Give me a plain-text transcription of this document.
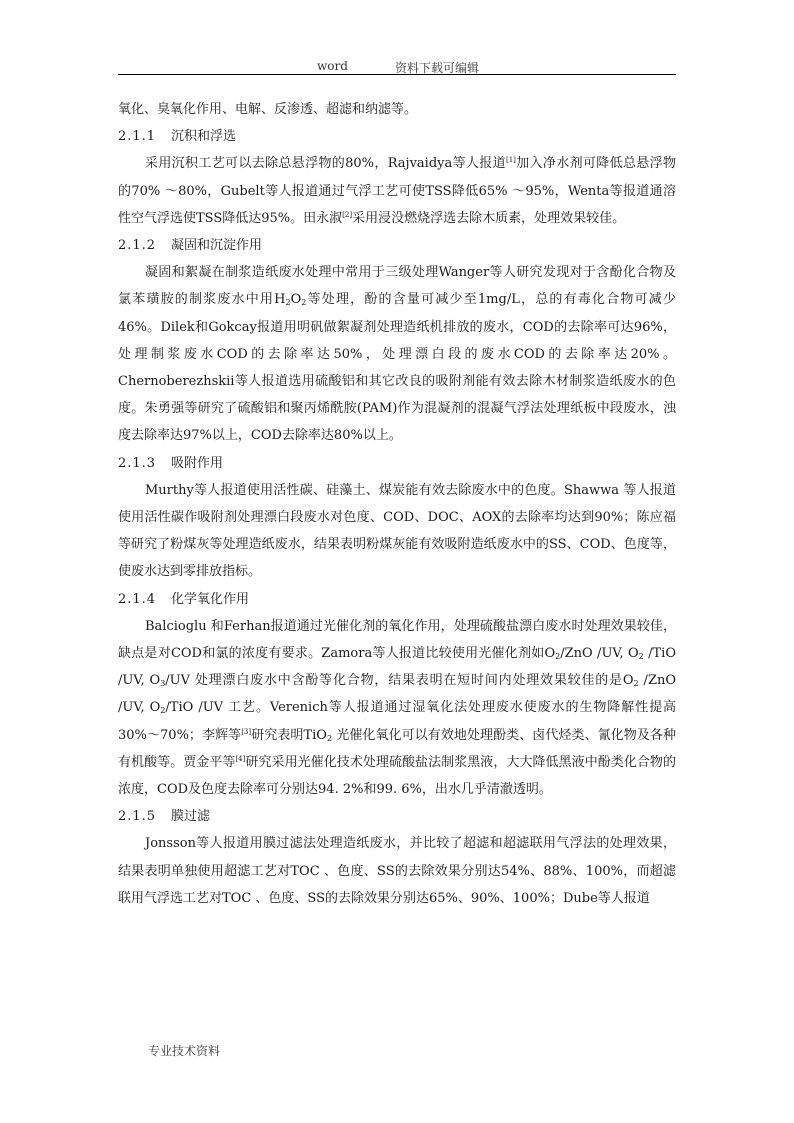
word	资料下载可编辑

氧化、臭氧化作用、电解、反渗透、超滤和纳滤等。

2.1.1 沉积和浮选

采用沉积工艺可以去除总悬浮物的80%，Rajvaidya等人报道[1]加入净水剂可降低总悬浮物的70% ～80%，Gubelt等人报道通过气浮工艺可使TSS降低65% ～95%，Wenta等报道通溶性空气浮选使TSS降低达95%。田永淑[2]采用浸没燃烧浮选去除木质素，处理效果较佳。

2.1.2 凝固和沉淀作用

凝固和絮凝在制浆造纸废水处理中常用于三级处理Wanger等人研究发现对于含酚化合物及氯苯璜胺的制浆废水中用$H_2O_2$等处理，酚的含量可减少至1mg/L，总的有毒化合物可减少46%。Dilek和Gokcay报道用明矾做絮凝剂处理造纸机排放的废水，COD的去除率可达96%，处理制浆废水COD的去除率达50%，处理漂白段的废水COD的去除率达20%。Chernoberezhskii等人报道选用硫酸铝和其它改良的吸附剂能有效去除木材制浆造纸废水的色度。朱勇强等研究了硫酸铝和聚丙烯酰胺(PAM)作为混凝剂的混凝气浮法处理纸板中段废水，浊度去除率达97%以上，COD去除率达80%以上。

2.1.3 吸附作用

Murthy等人报道使用活性碳、硅藻土、煤炭能有效去除废水中的色度。Shawwa 等人报道使用活性碳作吸附剂处理漂白段废水对色度、COD、DOC、AOX的去除率均达到90%；陈应福等研究了粉煤灰等处理造纸废水，结果表明粉煤灰能有效吸附造纸废水中的SS、COD、色度等，使废水达到零排放指标。

2.1.4 化学氧化作用

Balcioglu 和Ferhan报道通过光催化剂的氧化作用，处理硫酸盐漂白废水时处理效果较佳，缺点是对COD和氯的浓度有要求。Zamora等人报道比较使用光催化剂如$O_2$/ZnO /UV, $O_2$ /TiO /UV, $O_3/UV$ 处理漂白废水中含酚等化合物，结果表明在短时间内处理效果较佳的是$O_2$ /ZnO /UV, $O_2$/TiO /UV 工艺。Verenich等人报道通过湿氧化法处理废水使废水的生物降解性提高30%～70%；李辉等[3]研究表明TiO$_2$ 光催化氧化可以有效地处理酚类、卤代烃类、氰化物及各种有机酸等。贾金平等[4]研究采用光催化技术处理硫酸盐法制浆黑液，大大降低黑液中酚类化合物的浓度，COD及色度去除率可分别达94. 2%和99. 6%，出水几乎清澈透明。

2.1.5 膜过滤

Jonsson等人报道用膜过滤法处理造纸废水，并比较了超滤和超滤联用气浮法的处理效果，结果表明单独使用超滤工艺对TOC 、色度、SS的去除效果分别达54%、88%、100%，而超滤联用气浮选工艺对TOC 、色度、SS的去除效果分别达65%、90%、100%；Dube等人报道

专业技术资料
